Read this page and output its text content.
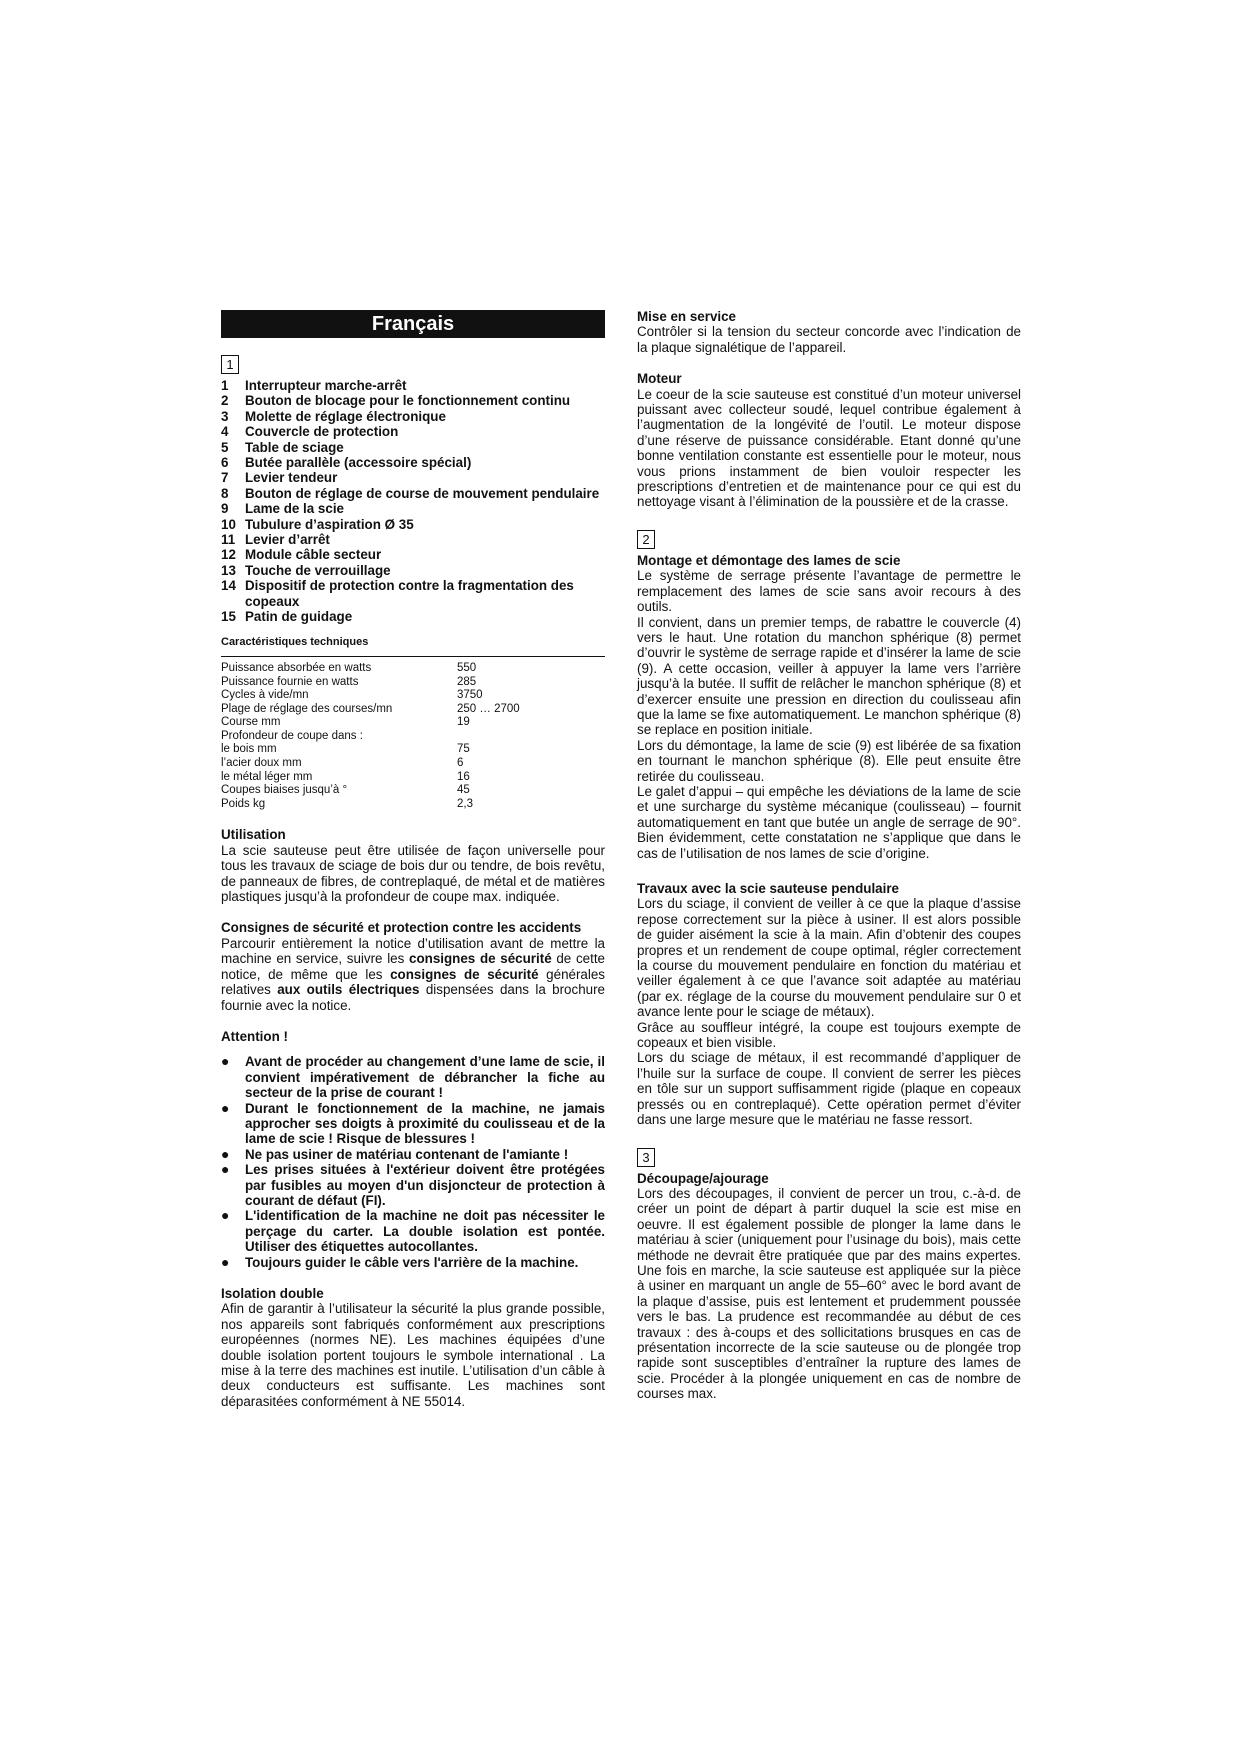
Français
1
1	Interrupteur marche-arrêt
2	Bouton de blocage pour le fonctionnement continu
3	Molette de réglage électronique
4	Couvercle de protection
5	Table de sciage
6	Butée parallèle (accessoire spécial)
7	Levier tendeur
8	Bouton de réglage de course de mouvement pendulaire
9	Lame de la scie
10 Tubulure d’aspiration Ø 35
11 Levier d’arrêt
12 Module câble secteur
13 Touche de verrouillage
14 Dispositif de protection contre la fragmentation des copeaux
15 Patin de guidage
Caractéristiques techniques
Puissance absorbée en watts	550
Puissance fournie en watts	285
Cycles à vide/mn	3750
Plage de réglage des courses/mn	250 … 2700
Course mm	19
Profondeur de coupe dans :	
le bois mm	75
l’acier doux mm	6
le métal léger mm	16
Coupes biaises jusqu’à °	45
Poids kg	2,3
Utilisation

La scie sauteuse peut être utilisée de façon universelle pour tous les travaux de sciage de bois dur ou tendre, de bois revêtu, de panneaux de fibres, de contreplaqué, de métal et de matières plastiques jusqu’à la profondeur de coupe max. indiquée.

Consignes de sécurité et protection contre les accidents

Parcourir entièrement la notice d’utilisation avant de mettre la machine en service, suivre les consignes de sécurité de cette notice, de même que les consignes de sécurité générales relatives aux outils électriques dispensées dans la brochure fournie avec la notice.

Attention !
●	Avant de procéder au changement d’une lame de scie, il convient impérativement de débrancher la fiche au secteur de la prise de courant !
●	Durant le fonctionnement de la machine, ne jamais approcher ses doigts à proximité du coulisseau et de la lame de scie ! Risque de blessures !
●	Ne pas usiner de matériau contenant de l'amiante !
●	Les prises situées à l'extérieur doivent être protégées par fusibles au moyen d'un disjoncteur de protection à courant de défaut (FI).
●	L'identification de la machine ne doit pas nécessiter le perçage du carter. La double isolation est pontée. Utiliser des étiquettes autocollantes.
●	Toujours guider le câble vers l'arrière de la machine.
Isolation double

Afin de garantir à l’utilisateur la sécurité la plus grande possible, nos appareils sont fabriqués conformément aux prescriptions européennes (normes NE). Les machines équipées d’une double isolation portent toujours le symbole international . La mise à la terre des machines est inutile. L’utilisation d’un câble à deux conducteurs est suffisante. Les machines sont déparasitées conformément à NE 55014.

Mise en service

Contrôler si la tension du secteur concorde avec l’indication de la plaque signalétique de l’appareil.

Moteur

Le coeur de la scie sauteuse est constitué d’un moteur universel puissant avec collecteur soudé, lequel contribue également à l’augmentation de la longévité de l’outil. Le moteur dispose d’une réserve de puissance considérable. Etant donné qu’une bonne ventilation constante est essentielle pour le moteur, nous vous prions instamment de bien vouloir respecter les prescriptions d’entretien et de maintenance pour ce qui est du nettoyage visant à l’élimination de la poussière et de la crasse.

2
Montage et démontage des lames de scie

Le système de serrage présente l’avantage de permettre le remplacement des lames de scie sans avoir recours à des outils.

Il convient, dans un premier temps, de rabattre le couvercle (4) vers le haut. Une rotation du manchon sphérique (8) permet d’ouvrir le système de serrage rapide et d’insérer la lame de scie (9). A cette occasion, veiller à appuyer la lame vers l’arrière jusqu’à la butée. Il suffit de relâcher le manchon sphérique (8) et d’exercer ensuite une pression en direction du coulisseau afin que la lame se fixe automatiquement. Le manchon sphérique (8) se replace en position initiale.

Lors du démontage, la lame de scie (9) est libérée de sa fixation en tournant le manchon sphérique (8). Elle peut ensuite être retirée du coulisseau.

Le galet d’appui – qui empêche les déviations de la lame de scie et une surcharge du système mécanique (coulisseau) – fournit automatiquement en tant que butée un angle de serrage de 90°. Bien évidemment, cette constatation ne s’applique que dans le cas de l’utilisation de nos lames de scie d’origine.

Travaux avec la scie sauteuse pendulaire

Lors du sciage, il convient de veiller à ce que la plaque d’assise repose correctement sur la pièce à usiner. Il est alors possible de guider aisément la scie à la main. Afin d’obtenir des coupes propres et un rendement de coupe optimal, régler correctement la course du mouvement pendulaire en fonction du matériau et veiller également à ce que l’avance soit adaptée au matériau (par ex. réglage de la course du mouvement pendulaire sur 0 et avance lente pour le sciage de métaux).

Grâce au souffleur intégré, la coupe est toujours exempte de copeaux et bien visible.

Lors du sciage de métaux, il est recommandé d’appliquer de l’huile sur la surface de coupe. Il convient de serrer les pièces en tôle sur un support suffisamment rigide (plaque en copeaux pressés ou en contreplaqué). Cette opération permet d’éviter dans une large mesure que le matériau ne fasse ressort.

3
Découpage/ajourage

Lors des découpages, il convient de percer un trou, c.-à-d. de créer un point de départ à partir duquel la scie est mise en oeuvre. Il est également possible de plonger la lame dans le matériau à scier (uniquement pour l’usinage du bois), mais cette méthode ne devrait être pratiquée que par des mains expertes. Une fois en marche, la scie sauteuse est appliquée sur la pièce à usiner en marquant un angle de 55–60° avec le bord avant de la plaque d’assise, puis est lentement et prudemment poussée vers le bas. La prudence est recommandée au début de ces travaux : des à-coups et des sollicitations brusques en cas de présentation incorrecte de la scie sauteuse ou de plongée trop rapide sont susceptibles d’entraîner la rupture des lames de scie. Procéder à la plongée uniquement en cas de nombre de courses max.
